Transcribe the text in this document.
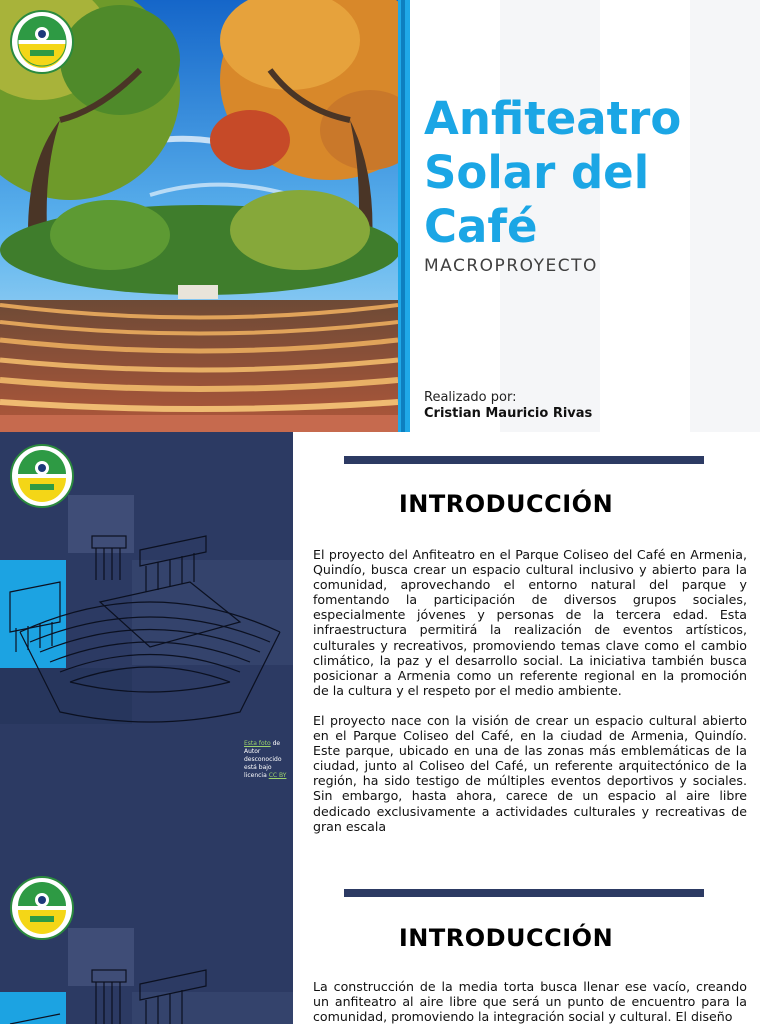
Anfiteatro
Solar del
Café
MACROPROYECTO
Realizado por:
Cristian Mauricio Rivas
Esta foto de Autor desconocido está bajo licencia CC BY
INTRODUCCIÓN

El proyecto del Anfiteatro en el Parque Coliseo del Café en Armenia, Quindío, busca crear un espacio cultural inclusivo y abierto para la comunidad, aprovechando el entorno natural del parque y fomentando la participación de diversos grupos sociales, especialmente jóvenes y personas de la tercera edad. Esta infraestructura permitirá la realización de eventos artísticos, culturales y recreativos, promoviendo temas clave como el cambio climático, la paz y el desarrollo social. La iniciativa también busca posicionar a Armenia como un referente regional en la promoción de la cultura y el respeto por el medio ambiente.

El proyecto nace con la visión de crear un espacio cultural abierto en el Parque Coliseo del Café, en la ciudad de Armenia, Quindío. Este parque, ubicado en una de las zonas más emblemáticas de la ciudad, junto al Coliseo del Café, un referente arquitectónico de la región, ha sido testigo de múltiples eventos deportivos y sociales. Sin embargo, hasta ahora, carece de un espacio al aire libre dedicado exclusivamente a actividades culturales y recreativas de gran escala

INTRODUCCIÓN

La construcción de la media torta busca llenar ese vacío, creando un anfiteatro al aire libre que será un punto de encuentro para la comunidad, promoviendo la integración social y cultural. El diseño
